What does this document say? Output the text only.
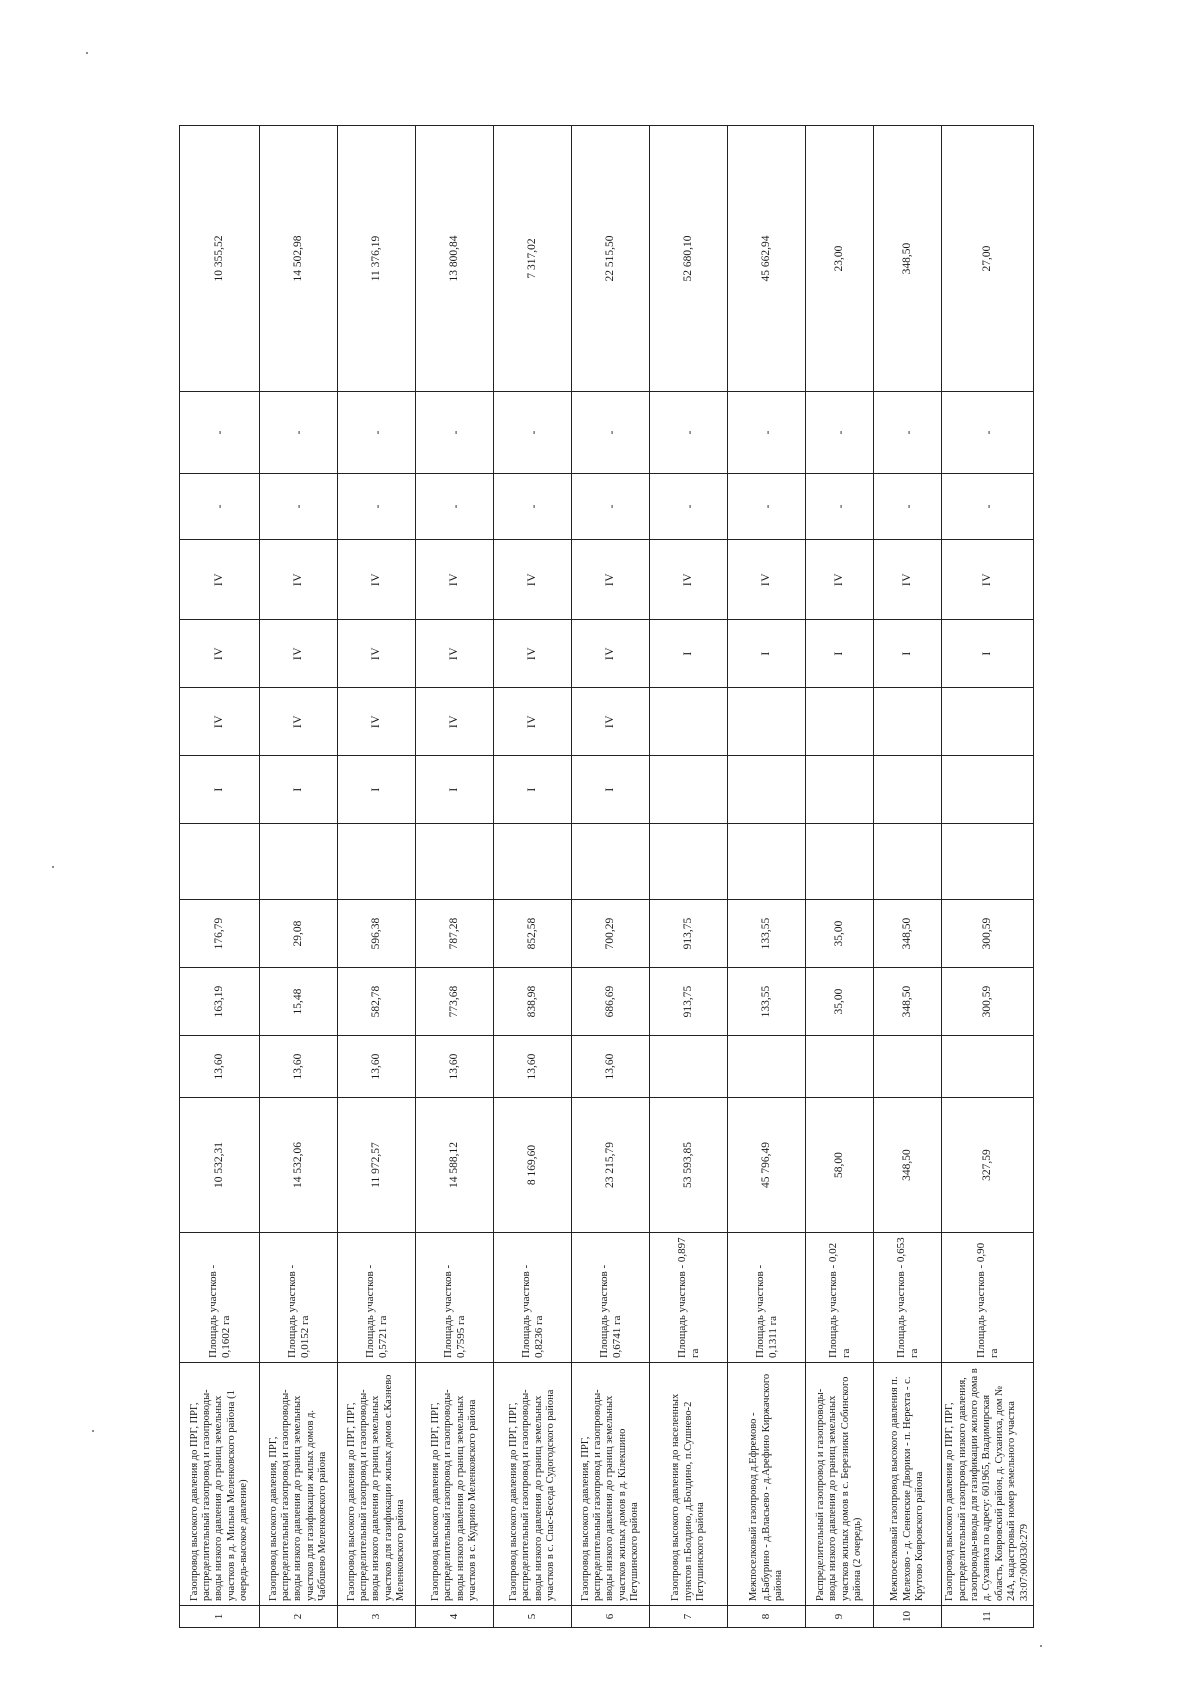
1	Газопровод высокого давления до ПРГ, ПРГ, распределительный газопровод и газопроводы-вводы низкого давления до границ земельных участков в д. Мильна Меленковского района (1 очередь-высокое давление)	Площадь участков - 0,1602 га	10 532,31	13,60	163,19	176,79		I	IV	IV	IV	-	-	10 355,52
2	Газопровод высокого давления, ПРГ, распределительный газопровод и газопроводы-вводы низкого давления до границ земельных участков для газификации жилых домов д. Чаббшево Меленковского района	Площадь участков - 0,0152 га	14 532,06	13,60	15,48	29,08		I	IV	IV	IV	-	-	14 502,98
3	Газопровод высокого давления до ПРГ, ПРГ, распределительный газопровод и газопроводы-вводы низкого давления до границ земельных участков для газификации жилых домов с.Казнево Меленковского района	Площадь участков - 0,5721 га	11 972,57	13,60	582,78	596,38		I	IV	IV	IV	-	-	11 376,19
4	Газопровод высокого давления до ПРГ, ПРГ, распределительный газопровод и газопроводы-вводы низкого давления до границ земельных участков в с. Кудрино Меленковского района	Площадь участков - 0,7595 га	14 588,12	13,60	773,68	787,28		I	IV	IV	IV	-	-	13 800,84
5	Газопровод высокого давления до ПРГ, ПРГ, распределительный газопровод и газопроводы-вводы низкого давления до границ земельных участков в с. Спас-Беседа Судогодского района	Площадь участков - 0,8236 га	8 169,60	13,60	838,98	852,58		I	IV	IV	IV	-	-	7 317,02
6	Газопровод высокого давления, ПРГ, распределительный газопровод и газопроводы-вводы низкого давления до границ земельных участков жилых домов в д. Кілекшино Петушинского района	Площадь участков - 0,6741 га	23 215,79	13,60	686,69	700,29		I	IV	IV	IV	-	-	22 515,50
7	Газопровод высокого давления до населенных пунктов п.Болдино, д.Болдино, п.Сушнево-2 Петушинского района	Площадь участков - 0,897 га	53 593,85		913,75	913,75				I	IV	-	-	52 680,10
8	Межпоселковый газопровод д.Ефремово - д.Бабурино - д.Власьево - д.Арефино Киржачского района	Площадь участков - 0,1311 га	45 796,49		133,55	133,55				I	IV	-	-	45 662,94
9	Распределительный газопровод и газопроводы-вводы низкого давления до границ земельных участков жилых домов в с. Березники Собинского района (2 очередь)	Площадь участков - 0,02 га	58,00		35,00	35,00				I	IV	-	-	23,00
10	Межпоселковый газопровод высокого давления п. Мелехово - д. Сененские Дворики - п. Нерехта - с. Крутово Ковровского района	Площадь участков - 0,653 га	348,50		348,50	348,50				I	IV	-	-	348,50
11	Газопровод высокого давления до ПРГ, ПРГ, распределительный газопровод низкого давления, газопроводы-вводы для газификации жилого дома в д. Суханиха по адресу: 601965, Владимирская область, Ковровский район, д. Суханиха, дом № 24А, кадастровый номер земельного участка 33:07:000330:279	Площадь участков - 0,90 га	327,59		300,59	300,59				I	IV	-	-	27,00
